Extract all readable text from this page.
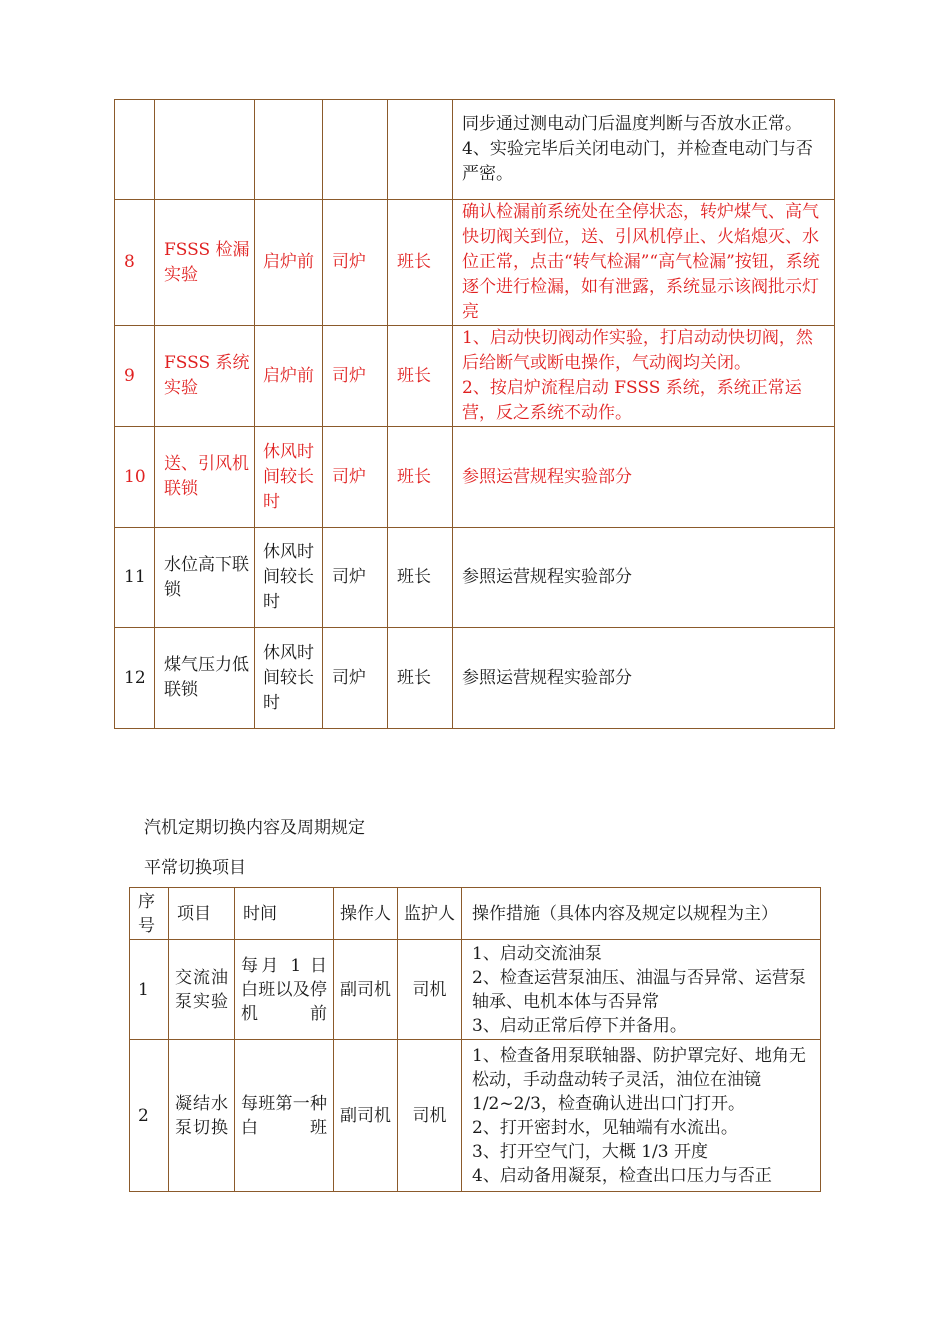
					同步通过测电动门后温度判断与否放水正常。
4、实验完毕后关闭电动门，并检查电动门与否严密。
8	FSSS 检漏实验	启炉前	司炉	班长	确认检漏前系统处在全停状态，转炉煤气、高气快切阀关到位，送、引风机停止、火焰熄灭、水位正常，点击“转气检漏”“高气检漏”按钮，系统逐个进行检漏，如有泄露，系统显示该阀批示灯亮
9	FSSS 系统实验	启炉前	司炉	班长	1、启动快切阀动作实验，打启动动快切阀，然后给断气或断电操作，气动阀均关闭。
2、按启炉流程启动 FSSS 系统，系统正常运营，反之系统不动作。
10	送、引风机联锁	休风时间较长时	司炉	班长	参照运营规程实验部分
11	水位高下联锁	休风时间较长时	司炉	班长	参照运营规程实验部分
12	煤气压力低联锁	休风时间较长时	司炉	班长	参照运营规程实验部分
汽机定期切换内容及周期规定
平常切换项目
序号	项目	时间	操作人	监护人	操作措施（具体内容及规定以规程为主）
1	交流油泵实验	每月 1 日白班以及停机前	副司机	司机	1、启动交流油泵
2、检查运营泵油压、油温与否异常、运营泵轴承、电机本体与否异常
3、启动正常后停下并备用。
2	凝结水泵切换	每班第一种白班	副司机	司机	1、检查备用泵联轴器、防护罩完好、地角无松动，手动盘动转子灵活，油位在油镜 1/2~2/3，检查确认进出口门打开。
2、打开密封水，见轴端有水流出。
3、打开空气门，大概 1/3 开度
4、启动备用凝泵，检查出口压力与否正
